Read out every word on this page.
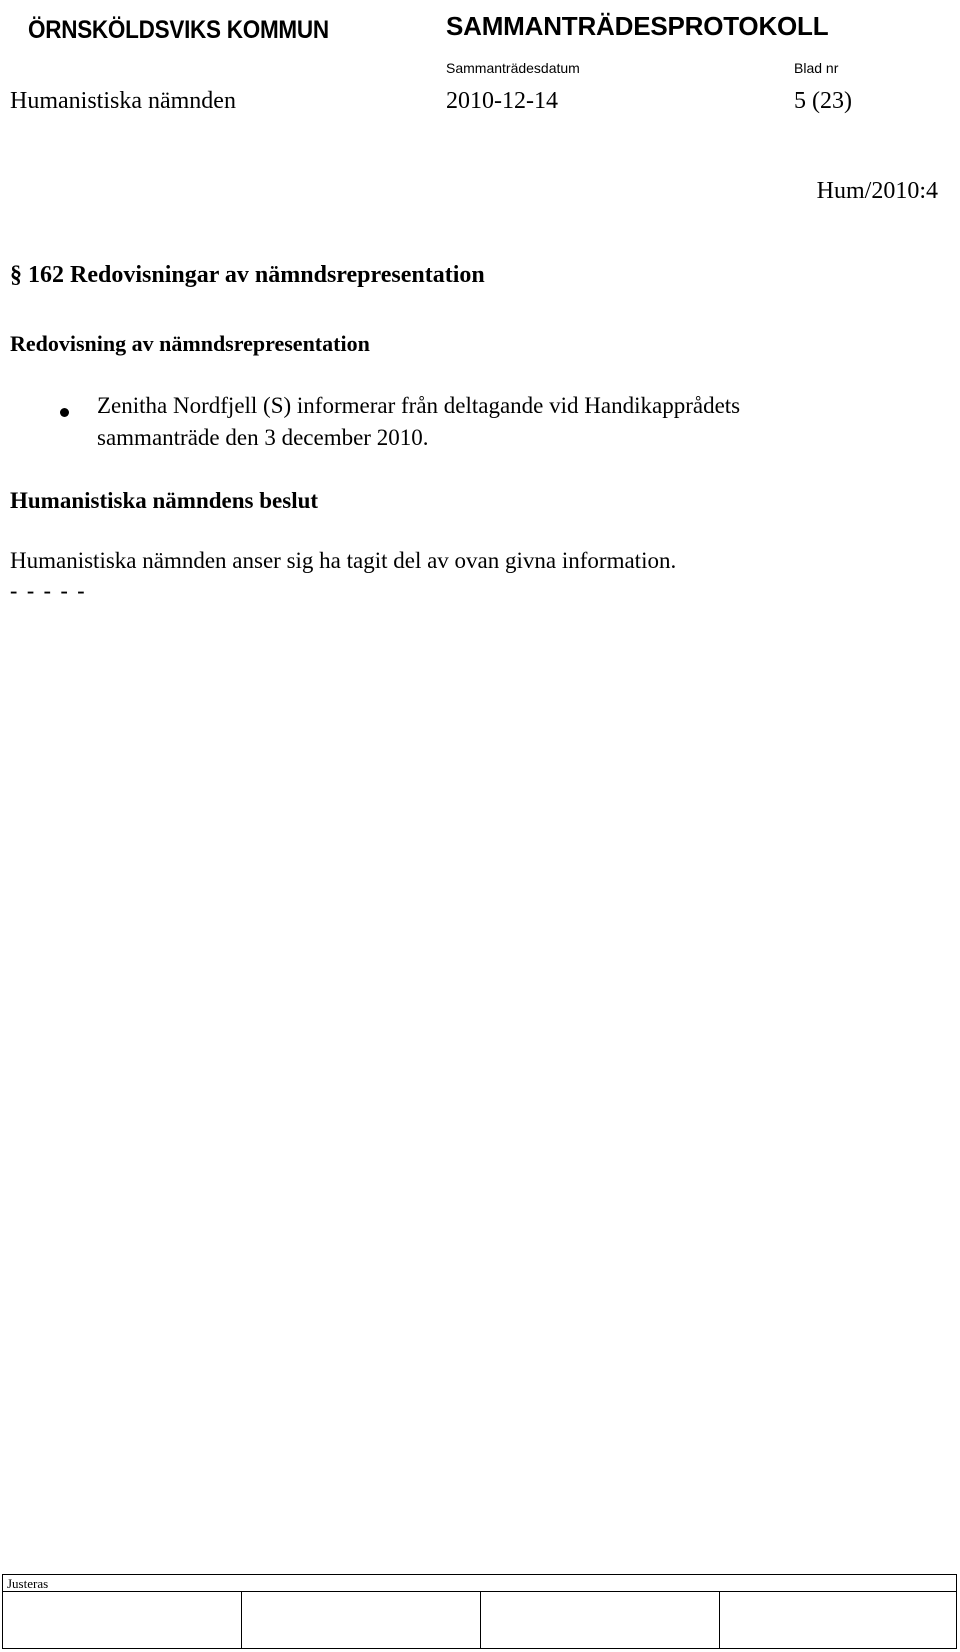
ÖRNSKÖLDSVIKS KOMMUN	SAMMANTRÄDESPROTOKOLL
Sammanträdesdatum	Blad nr
Humanistiska nämnden	2010-12-14	5 (23)
Hum/2010:4
§ 162 Redovisningar av nämndsrepresentation
Redovisning av nämndsrepresentation
Zenitha Nordfjell (S) informerar från deltagande vid Handikapprådets
sammanträde den 3 december 2010.
Humanistiska nämndens beslut
Humanistiska nämnden anser sig ha tagit del av ovan givna information.
- - - - -
Justeras
